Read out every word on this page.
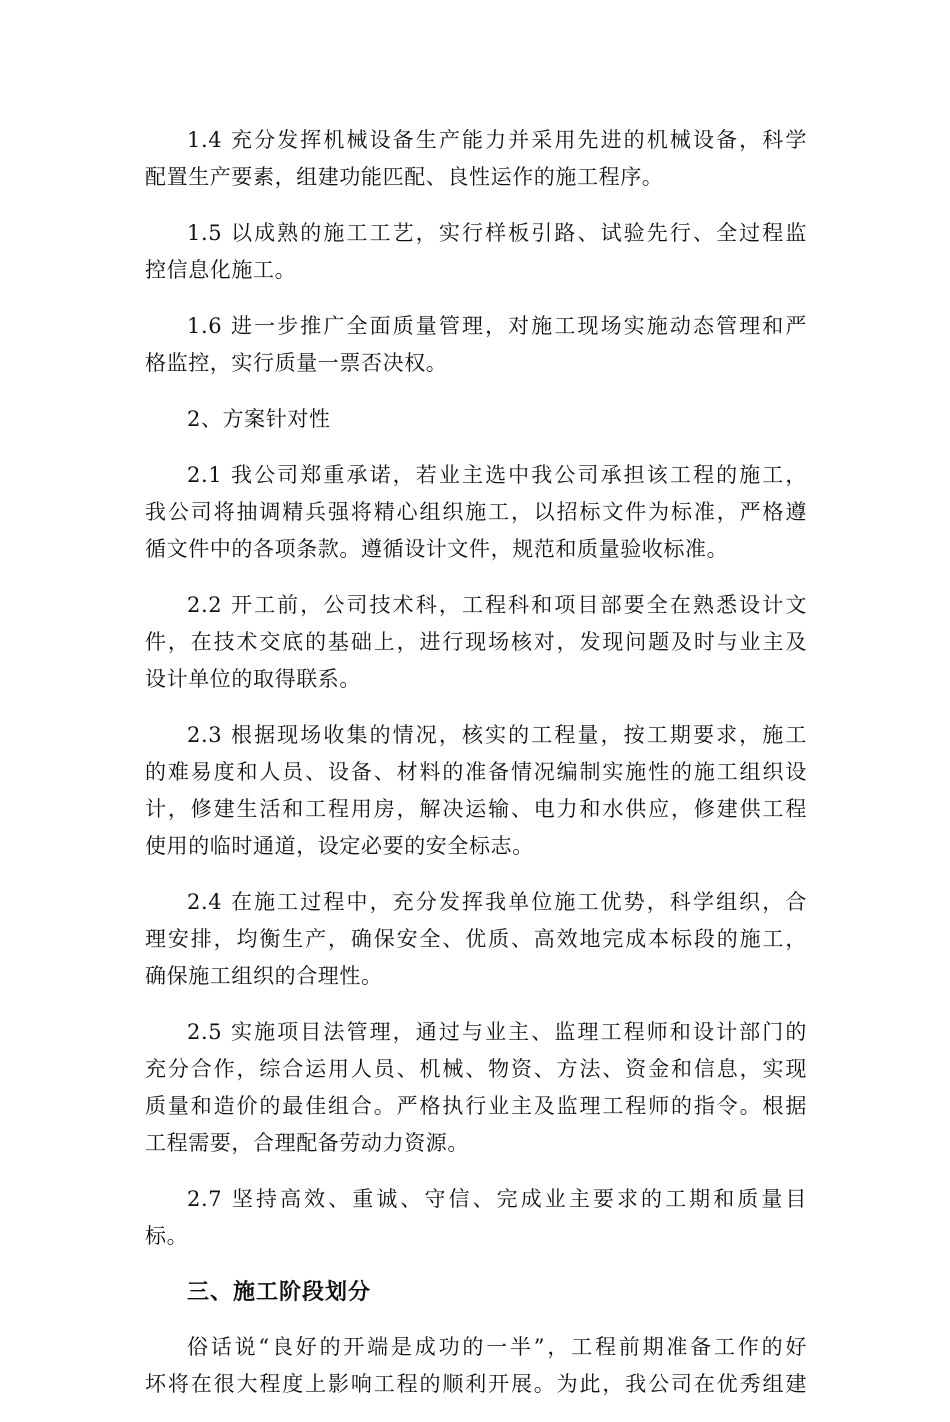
1.4 充分发挥机械设备生产能力并采用先进的机械设备，科学
配置生产要素，组建功能匹配、良性运作的施工程序。

1.5 以成熟的施工工艺，实行样板引路、试验先行、全过程监
控信息化施工。

1.6 进一步推广全面质量管理，对施工现场实施动态管理和严
格监控，实行质量一票否决权。

2、方案针对性

2.1 我公司郑重承诺，若业主选中我公司承担该工程的施工，
我公司将抽调精兵强将精心组织施工，以招标文件为标准，严格遵
循文件中的各项条款。遵循设计文件，规范和质量验收标准。

2.2 开工前，公司技术科，工程科和项目部要全在熟悉设计文
件，在技术交底的基础上，进行现场核对，发现问题及时与业主及
设计单位的取得联系。

2.3 根据现场收集的情况，核实的工程量，按工期要求，施工
的难易度和人员、设备、材料的准备情况编制实施性的施工组织设
计，修建生活和工程用房，解决运输、电力和水供应，修建供工程
使用的临时通道，设定必要的安全标志。

2.4 在施工过程中，充分发挥我单位施工优势，科学组织，合
理安排，均衡生产，确保安全、优质、高效地完成本标段的施工，
确保施工组织的合理性。

2.5 实施项目法管理，通过与业主、监理工程师和设计部门的
充分合作，综合运用人员、机械、物资、方法、资金和信息，实现
质量和造价的最佳组合。严格执行业主及监理工程师的指令。根据
工程需要，合理配备劳动力资源。

2.7 坚持高效、重诚、守信、完成业主要求的工期和质量目
标。

三、施工阶段划分

俗话说“良好的开端是成功的一半”，工程前期准备工作的好
坏将在很大程度上影响工程的顺利开展。为此，我公司在优秀组建
